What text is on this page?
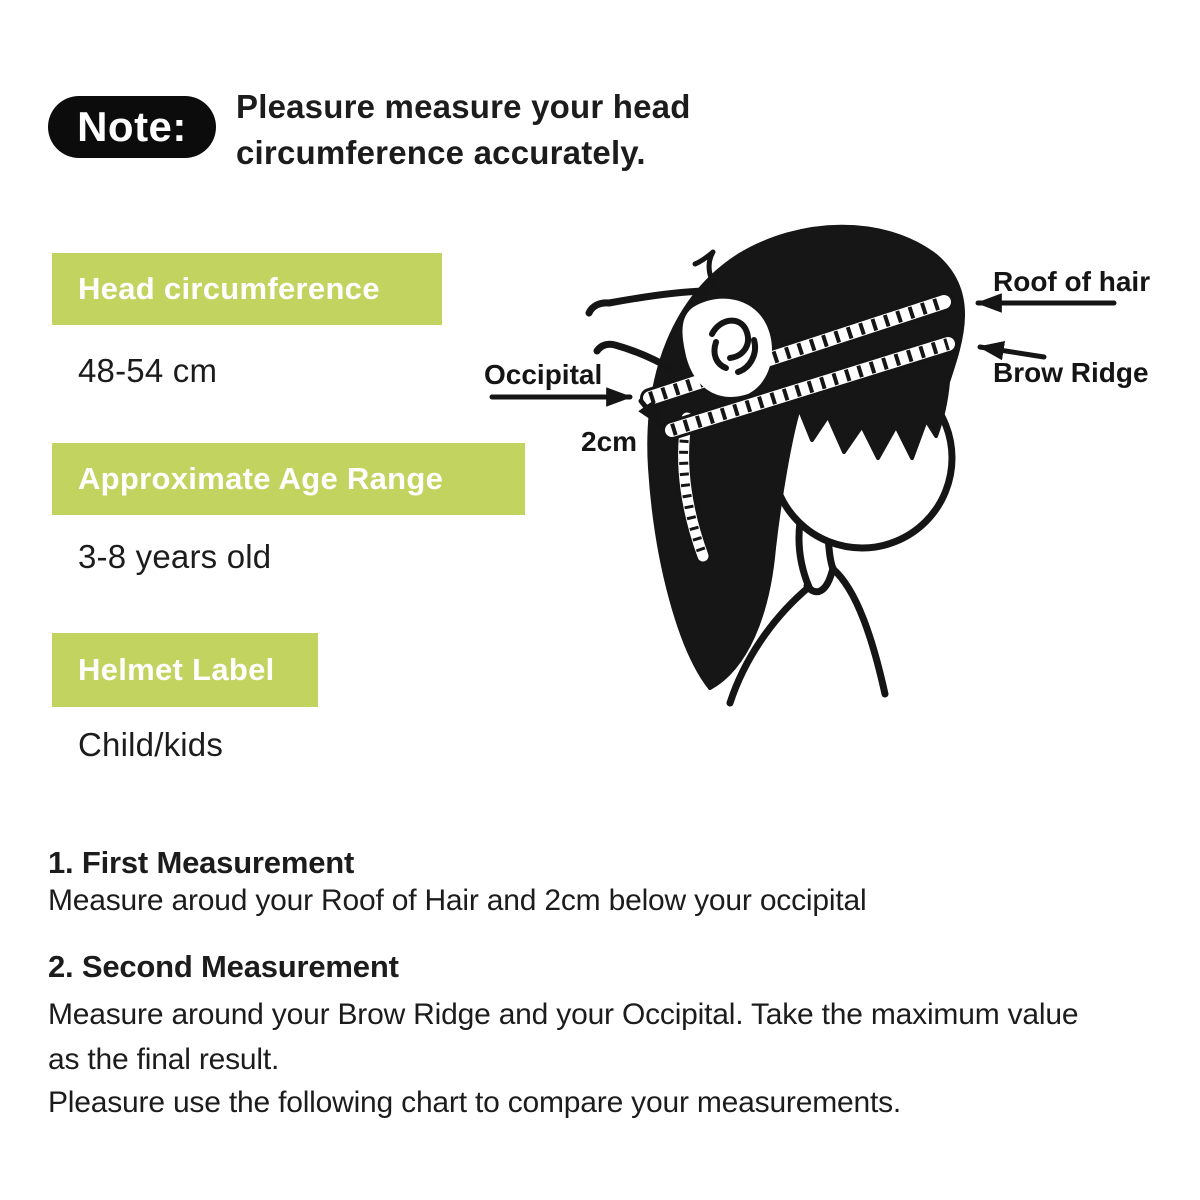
Note: Pleasure measure your head
circumference accurately.
Head circumference
48-54 cm
Approximate Age Range
3-8 years old
Helmet Label
Child/kids
Occipital
2cm
Roof of hair
Brow Ridge
1. First Measurement
Measure aroud your Roof of Hair and 2cm below your occipital
2. Second Measurement
Measure around your Brow Ridge and your Occipital. Take the maximum value
as the final result.
Pleasure use the following chart to compare your measurements.
